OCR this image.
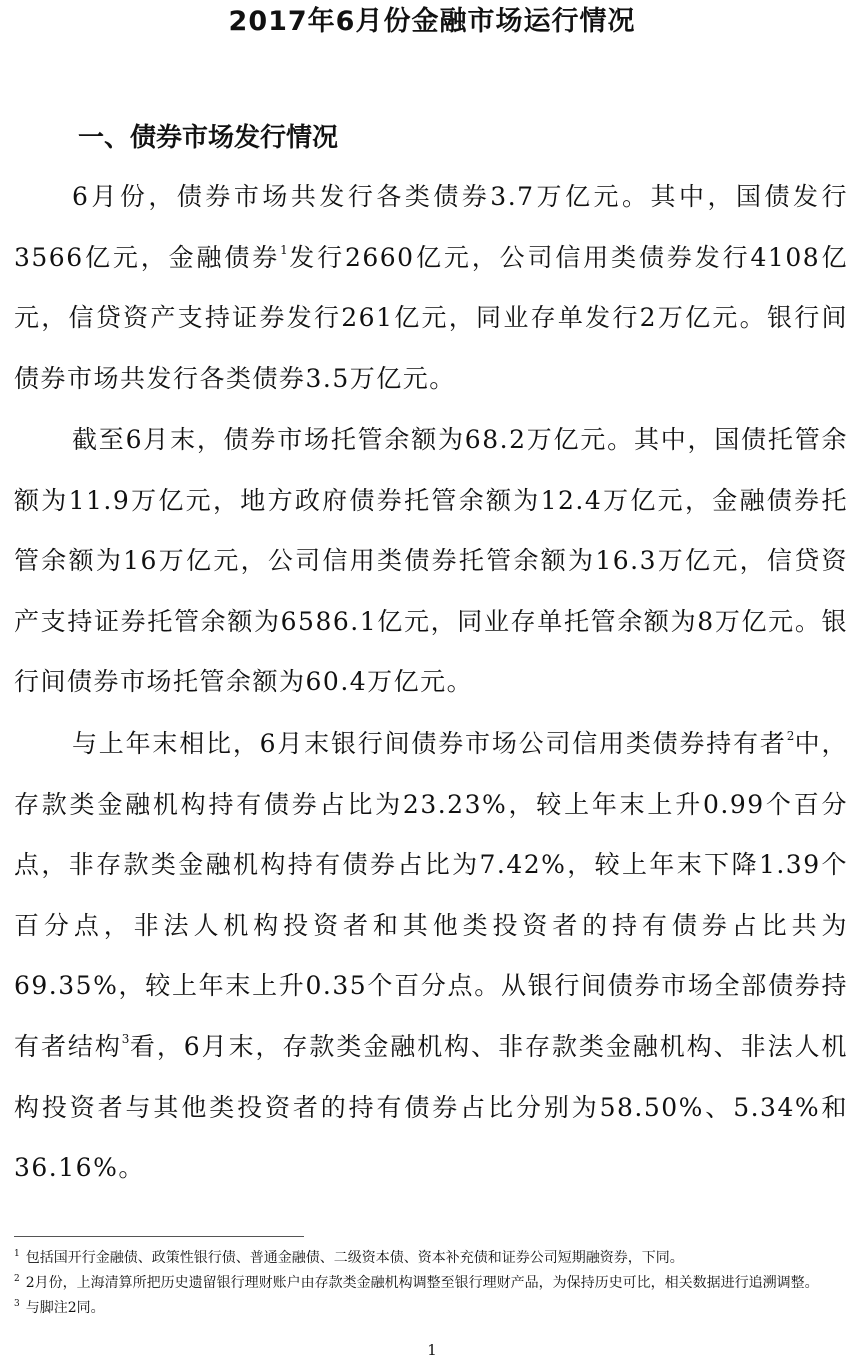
2017年6月份金融市场运行情况
一、债券市场发行情况
6月份，债券市场共发行各类债券3.7万亿元。其中，国债发行3566亿元，金融债券$^1$发行2660亿元，公司信用类债券发行4108亿元，信贷资产支持证券发行261亿元，同业存单发行2万亿元。银行间债券市场共发行各类债券3.5万亿元。
截至6月末，债券市场托管余额为68.2万亿元。其中，国债托管余额为11.9万亿元，地方政府债券托管余额为12.4万亿元，金融债券托管余额为16万亿元，公司信用类债券托管余额为16.3万亿元，信贷资产支持证券托管余额为6586.1亿元，同业存单托管余额为8万亿元。银行间债券市场托管余额为60.4万亿元。
与上年末相比，6月末银行间债券市场公司信用类债券持有者$^2$中，存款类金融机构持有债券占比为23.23%，较上年末上升0.99个百分点，非存款类金融机构持有债券占比为7.42%，较上年末下降1.39个百分点，非法人机构投资者和其他类投资者的持有债券占比共为69.35%，较上年末上升0.35个百分点。从银行间债券市场全部债券持有者结构$^3$看，6月末，存款类金融机构、非存款类金融机构、非法人机构投资者与其他类投资者的持有债券占比分别为58.50%、5.34%和36.16%。

$^1$ 包括国开行金融债、政策性银行债、普通金融债、二级资本债、资本补充债和证券公司短期融资券，下同。

$^2$ 2月份，上海清算所把历史遗留银行理财账户由存款类金融机构调整至银行理财产品，为保持历史可比，相关数据进行追溯调整。

$^3$ 与脚注2同。

1
